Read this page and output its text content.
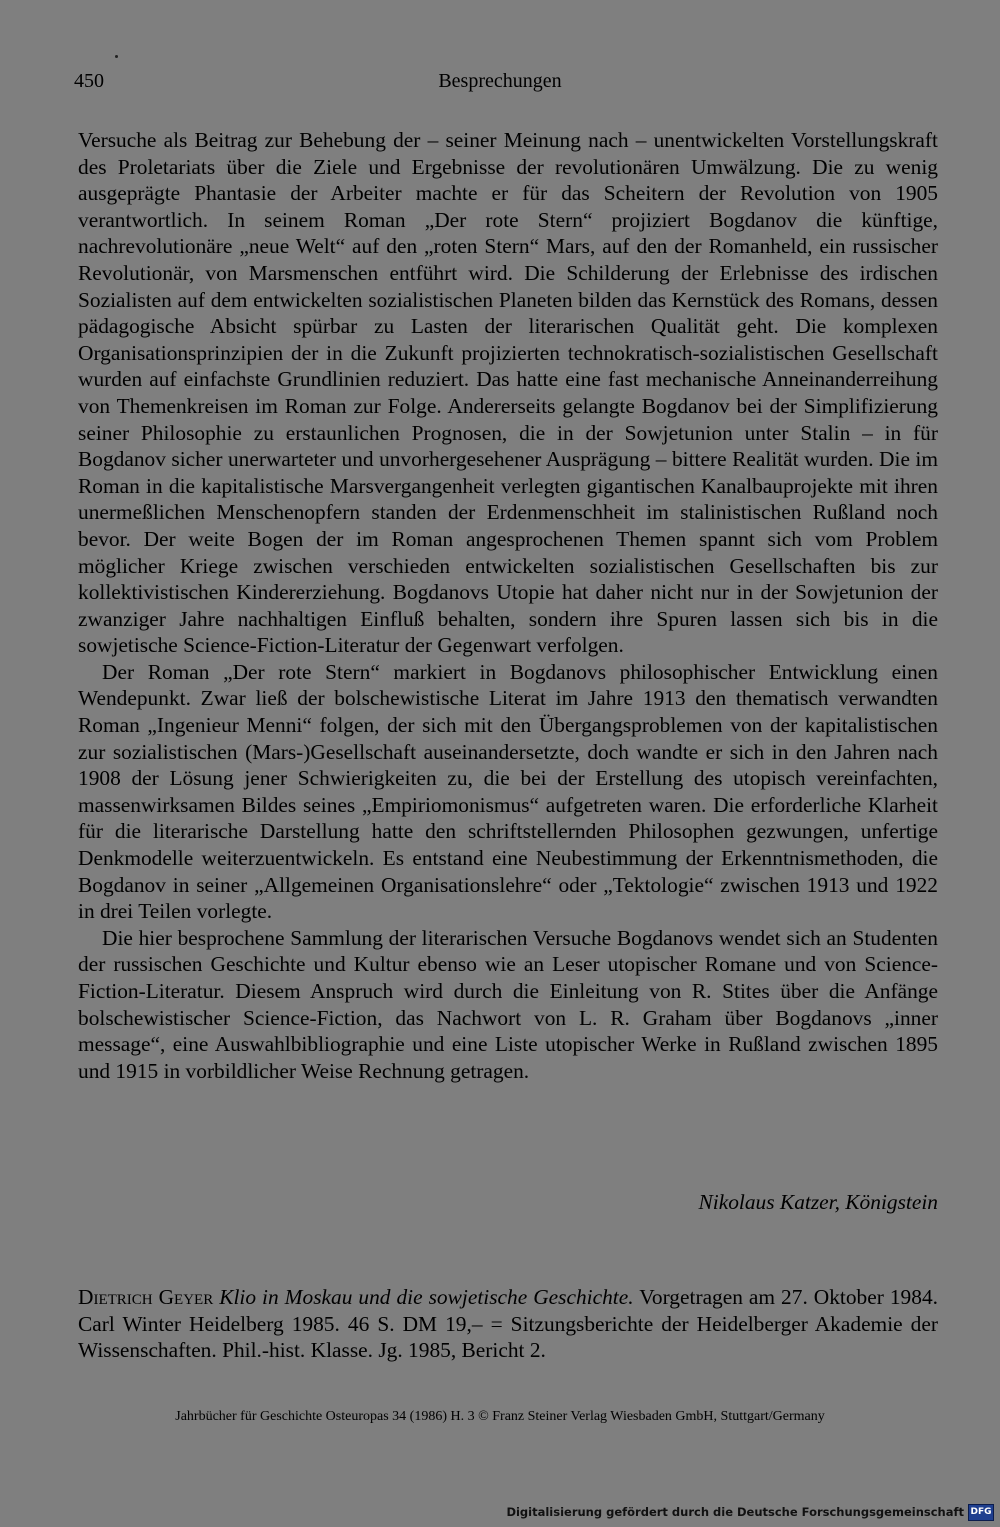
450	Besprechungen

Versuche als Beitrag zur Behebung der – seiner Meinung nach – unentwickelten Vorstellungskraft des Proletariats über die Ziele und Ergebnisse der revolutionären Umwälzung. Die zu wenig ausgeprägte Phantasie der Arbeiter machte er für das Scheitern der Revolution von 1905 verantwortlich. In seinem Roman „Der rote Stern“ projiziert Bogdanov die künftige, nachrevolutionäre „neue Welt“ auf den „roten Stern“ Mars, auf den der Romanheld, ein russischer Revolutionär, von Marsmenschen entführt wird. Die Schilderung der Erlebnisse des irdischen Sozialisten auf dem entwickelten sozialistischen Planeten bilden das Kernstück des Romans, dessen pädagogische Absicht spürbar zu Lasten der literarischen Qualität geht. Die komplexen Organisationsprinzipien der in die Zukunft projizierten technokratisch-sozialistischen Gesellschaft wurden auf einfachste Grundlinien reduziert. Das hatte eine fast mechanische Anneinanderreihung von Themenkreisen im Roman zur Folge. Andererseits gelangte Bogdanov bei der Simplifizierung seiner Philosophie zu erstaunlichen Prognosen, die in der Sowjetunion unter Stalin – in für Bogdanov sicher unerwarteter und unvorhergesehener Ausprägung – bittere Realität wurden. Die im Roman in die kapitalistische Marsvergangenheit verlegten gigantischen Kanalbauprojekte mit ihren unermeßlichen Menschenopfern standen der Erdenmenschheit im stalinistischen Rußland noch bevor. Der weite Bogen der im Roman angesprochenen Themen spannt sich vom Problem möglicher Kriege zwischen verschieden entwickelten sozialistischen Gesellschaften bis zur kollektivistischen Kindererziehung. Bogdanovs Utopie hat daher nicht nur in der Sowjetunion der zwanziger Jahre nachhaltigen Einfluß behalten, sondern ihre Spuren lassen sich bis in die sowjetische Science-Fiction-Literatur der Gegenwart verfolgen.

Der Roman „Der rote Stern“ markiert in Bogdanovs philosophischer Entwicklung einen Wendepunkt. Zwar ließ der bolschewistische Literat im Jahre 1913 den thematisch verwandten Roman „Ingenieur Menni“ folgen, der sich mit den Übergangsproblemen von der kapitalistischen zur sozialistischen (Mars-)Gesellschaft auseinandersetzte, doch wandte er sich in den Jahren nach 1908 der Lösung jener Schwierigkeiten zu, die bei der Erstellung des utopisch vereinfachten, massenwirksamen Bildes seines „Empiriomonismus“ aufgetreten waren. Die erforderliche Klarheit für die literarische Darstellung hatte den schriftstellernden Philosophen gezwungen, unfertige Denkmodelle weiterzuentwickeln. Es entstand eine Neubestimmung der Erkenntnismethoden, die Bogdanov in seiner „Allgemeinen Organisationslehre“ oder „Tektologie“ zwischen 1913 und 1922 in drei Teilen vorlegte.

Die hier besprochene Sammlung der literarischen Versuche Bogdanovs wendet sich an Studenten der russischen Geschichte und Kultur ebenso wie an Leser utopischer Romane und von Science-Fiction-Literatur. Diesem Anspruch wird durch die Einleitung von R. Stites über die Anfänge bolschewistischer Science-Fiction, das Nachwort von L. R. Graham über Bogdanovs „inner message“, eine Auswahlbibliographie und eine Liste utopischer Werke in Rußland zwischen 1895 und 1915 in vorbildlicher Weise Rechnung getragen.

Nikolaus Katzer, Königstein
Dietrich Geyer Klio in Moskau und die sowjetische Geschichte. Vorgetragen am 27. Oktober 1984. Carl Winter Heidelberg 1985. 46 S. DM 19,– = Sitzungsberichte der Heidelberger Akademie der Wissenschaften. Phil.-hist. Klasse. Jg. 1985, Bericht 2.
Jahrbücher für Geschichte Osteuropas 34 (1986) H. 3 © Franz Steiner Verlag Wiesbaden GmbH, Stuttgart/Germany
Digitalisierung gefördert durch die Deutsche Forschungsgemeinschaft DFG
